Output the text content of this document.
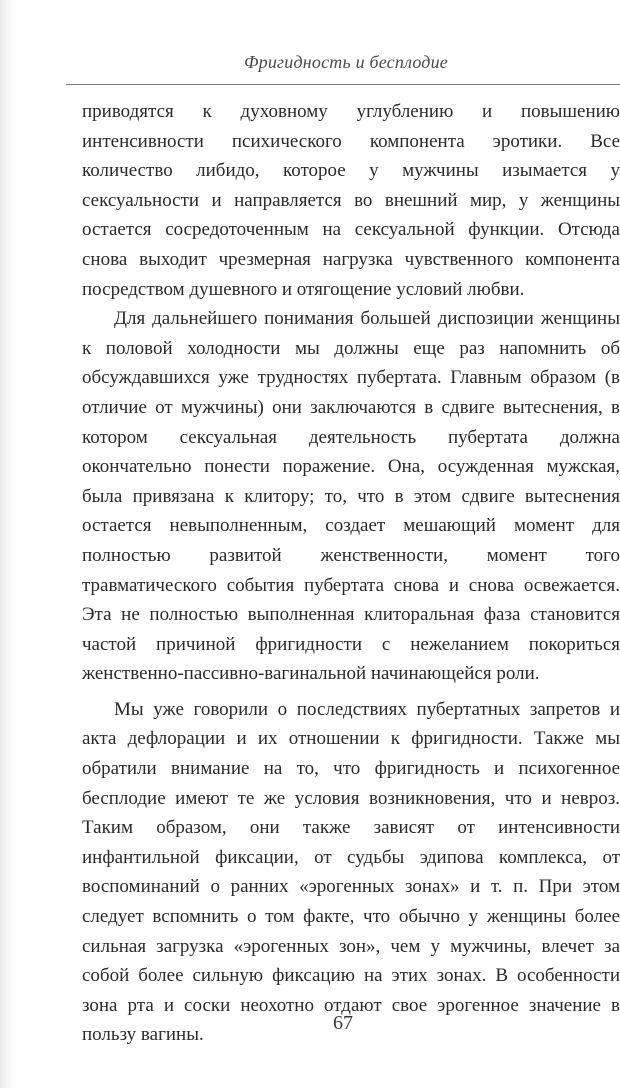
Фригидность и бесплодие

приводятся к духовному углублению и повышению интенсивности психического компонента эротики. Все количество либидо, которое у мужчины изымается у сексуальности и направляется во внешний мир, у женщины остается сосредоточенным на сексуальной функции. Отсюда снова выходит чрезмерная нагрузка чувственного компонента посредством душевного и отягощение условий любви.

Для дальнейшего понимания большей диспозиции женщины к половой холодности мы должны еще раз напомнить об обсуждавшихся уже трудностях пубертата. Главным образом (в отличие от мужчины) они заключаются в сдвиге вытеснения, в котором сексуальная деятельность пубертата должна окончательно понести поражение. Она, осужденная мужская, была привязана к клитору; то, что в этом сдвиге вытеснения остается невыполненным, создает мешающий момент для полностью развитой женственности, момент того травматического события пубертата снова и снова освежается. Эта не полностью выполненная клиторальная фаза становится частой причиной фригидности с нежеланием покориться женственно-пассивно-вагинальной начинающейся роли.

Мы уже говорили о последствиях пубертатных запретов и акта дефлорации и их отношении к фригидности. Также мы обратили внимание на то, что фригидность и психогенное бесплодие имеют те же условия возникновения, что и невроз. Таким образом, они также зависят от интенсивности инфантильной фиксации, от судьбы эдипова комплекса, от воспоминаний о ранних «эрогенных зонах» и т. п. При этом следует вспомнить о том факте, что обычно у женщины более сильная загрузка «эрогенных зон», чем у мужчины, влечет за собой более сильную фиксацию на этих зонах. В особенности зона рта и соски неохотно отдают свое эрогенное значение в пользу вагины.

67
